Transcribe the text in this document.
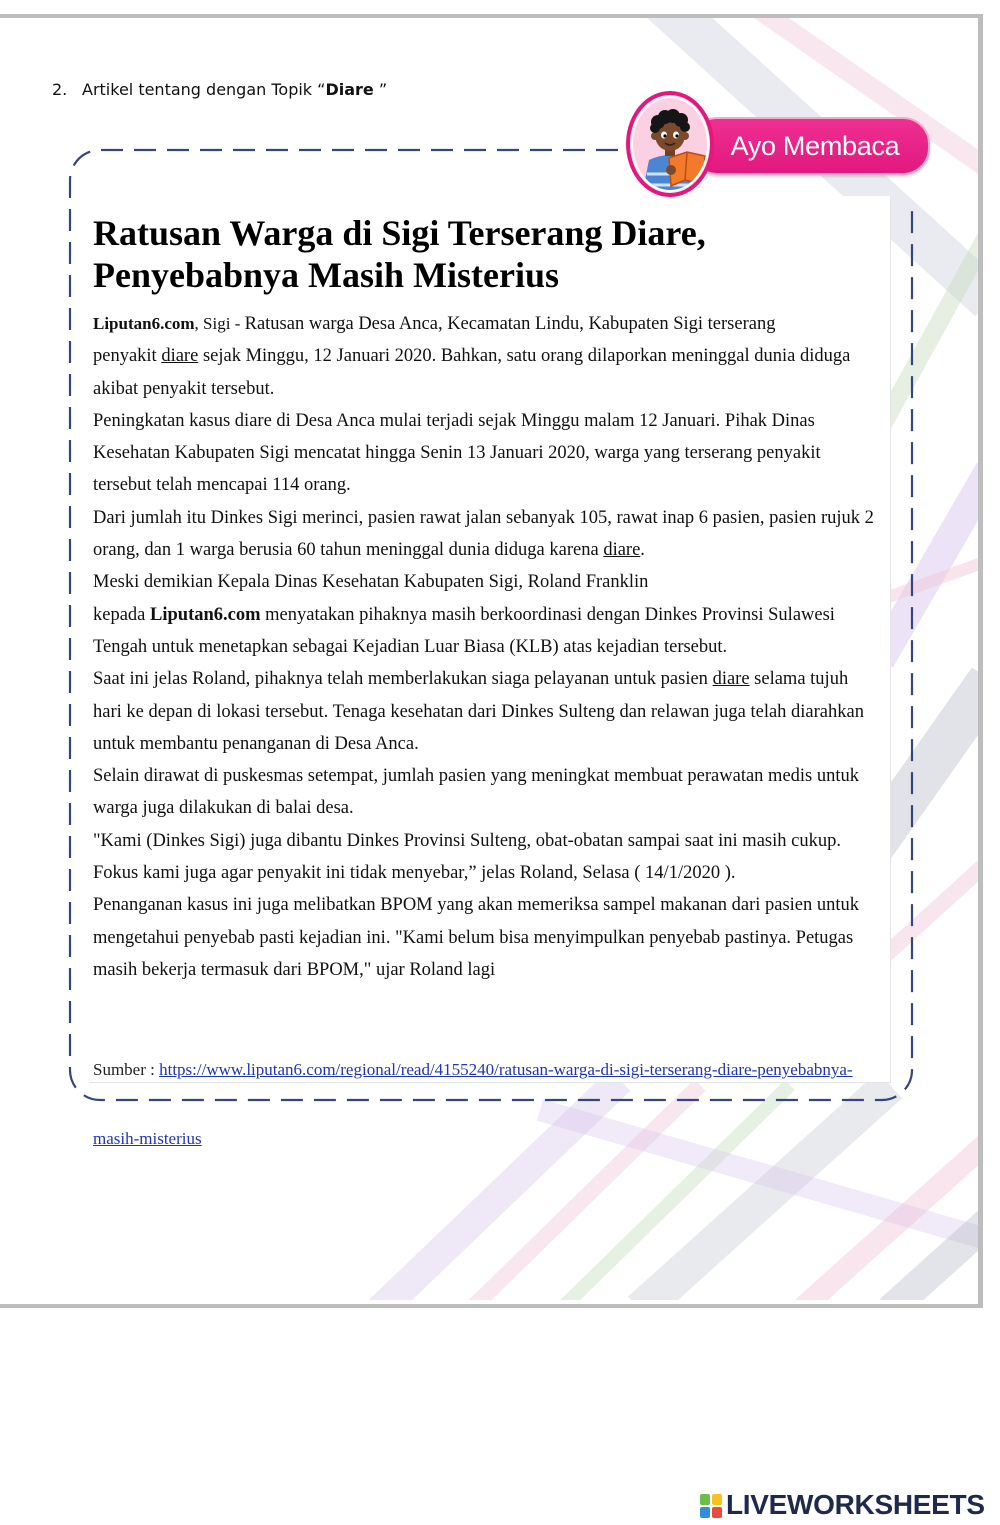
2. Artikel tentang dengan Topik “Diare ”
Ratusan Warga di Sigi Terserang Diare,
Penyebabnya Masih Misterius
Liputan6.com, Sigi - Ratusan warga Desa Anca, Kecamatan Lindu, Kabupaten Sigi terserang
penyakit diare sejak Minggu, 12 Januari 2020. Bahkan, satu orang dilaporkan meninggal dunia diduga
akibat penyakit tersebut.
Peningkatan kasus diare di Desa Anca mulai terjadi sejak Minggu malam 12 Januari. Pihak Dinas
Kesehatan Kabupaten Sigi mencatat hingga Senin 13 Januari 2020, warga yang terserang penyakit
tersebut telah mencapai 114 orang.
Dari jumlah itu Dinkes Sigi merinci, pasien rawat jalan sebanyak 105, rawat inap 6 pasien, pasien rujuk 2
orang, dan 1 warga berusia 60 tahun meninggal dunia diduga karena diare.
Meski demikian Kepala Dinas Kesehatan Kabupaten Sigi, Roland Franklin
kepada Liputan6.com menyatakan pihaknya masih berkoordinasi dengan Dinkes Provinsi Sulawesi
Tengah untuk menetapkan sebagai Kejadian Luar Biasa (KLB) atas kejadian tersebut.
Saat ini jelas Roland, pihaknya telah memberlakukan siaga pelayanan untuk pasien diare selama tujuh
hari ke depan di lokasi tersebut. Tenaga kesehatan dari Dinkes Sulteng dan relawan juga telah diarahkan
untuk membantu penanganan di Desa Anca.
Selain dirawat di puskesmas setempat, jumlah pasien yang meningkat membuat perawatan medis untuk
warga juga dilakukan di balai desa.
"Kami (Dinkes Sigi) juga dibantu Dinkes Provinsi Sulteng, obat-obatan sampai saat ini masih cukup.
Fokus kami juga agar penyakit ini tidak menyebar,” jelas Roland, Selasa ( 14/1/2020 ).
Penanganan kasus ini juga melibatkan BPOM yang akan memeriksa sampel makanan dari pasien untuk
mengetahui penyebab pasti kejadian ini. "Kami belum bisa menyimpulkan penyebab pastinya. Petugas
masih bekerja termasuk dari BPOM," ujar Roland lagi

Sumber : https://www.liputan6.com/regional/read/4155240/ratusan-warga-di-sigi-terserang-diare-penyebabnya-

masih-misterius

Ayo Membaca
LIVEWORKSHEETS
